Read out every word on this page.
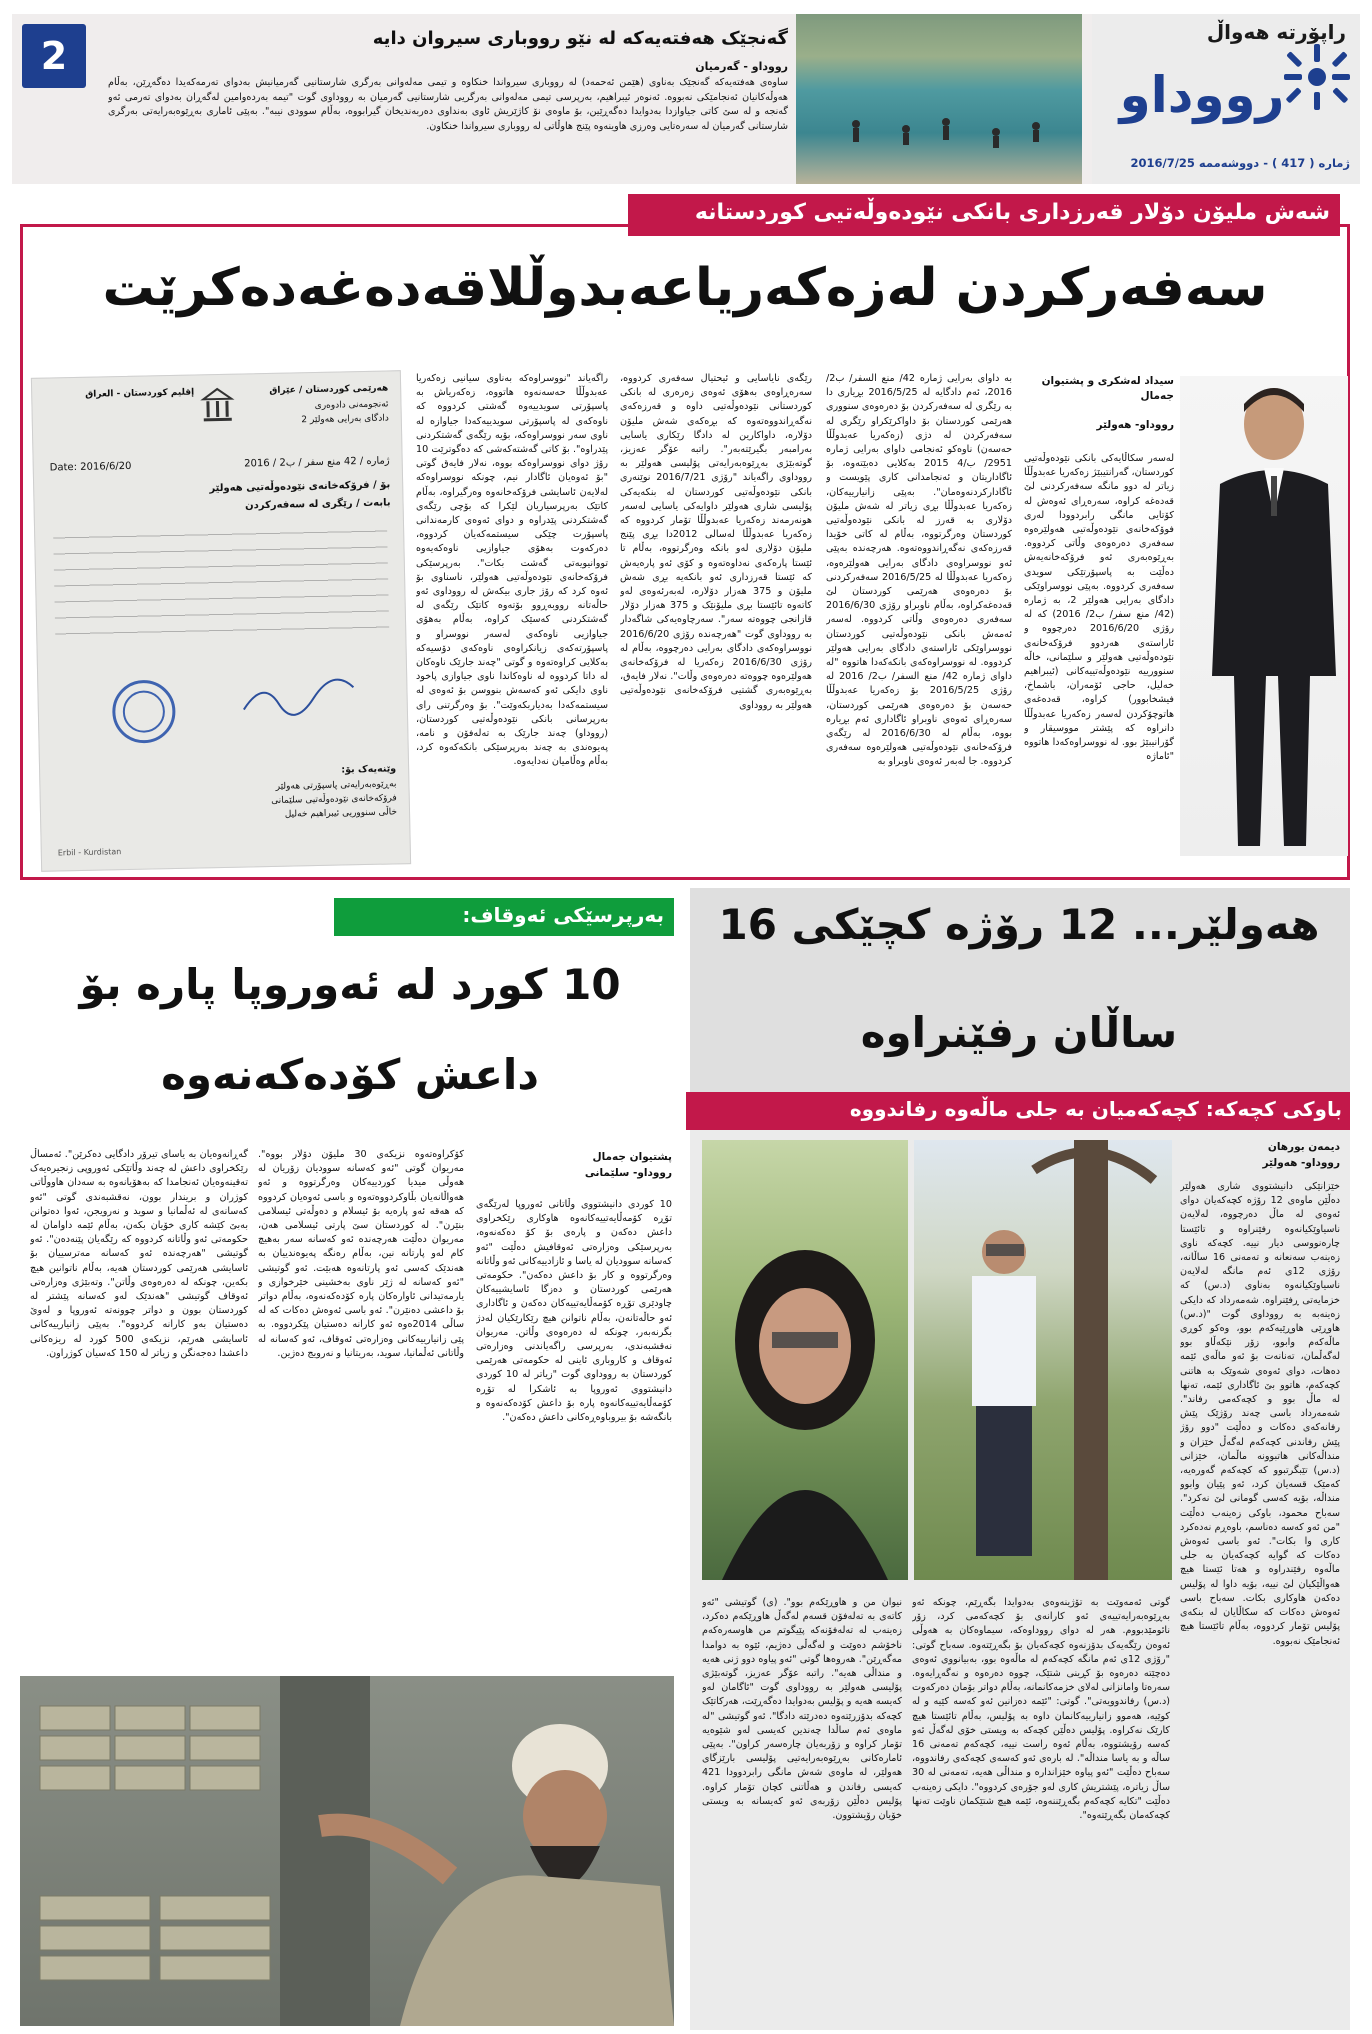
راپۆرتە هەواڵ
رووداو
ژمارە ( 417 ) - دووشەممە 2016/7/25
گەنجێک هەفتەیەکە لە نێو رووباری سیروان دایە
رووداو - گەرمیان
ساوەی هەفتەیەکە گەنجێک بەناوی (هێمن ئەحمەد) لە رووباری سیرواندا خنکاوە و تیمی مەلەوانی بەرگری شارستانیی گەرمیانیش بەدوای تەرمەکەیدا دەگەڕێن، بەڵام هەوڵەکانیان ئەنجامێکی نەبووە. ئەنوەر ئیبراهیم، بەرپرسی تیمی مەلەوانی بەرگریی شارستانیی گەرمیان به رووداوی گوت "تیمە بەردەوامین لەگەڕان بەدوای تەرمی ئەو گەنجە و لە سێ کاتی جیاوازدا بەدوایدا دەگەڕێین، بۆ ماوەی نۆ کاژێریش ئاوی بەنداوی دەربەندیخان گیرابووە، بەڵام سوودی نیبە". بەپێی ئاماری بەڕێوەبەرایەتی بەرگری شارستانی گەرمیان لە سەرەتایی وەرزی هاوینەوە پێنج هاوڵاتی لە رووباری سیرواندا خنکاون.
2
شەش ملیۆن دۆلار قەرزداری بانکی نێودەوڵەتیی کوردستانە
سەفەرکردن لەزەکەریاعەبدوڵلاقەدەغەدەکرێت
سیداد لەشکری و پشتیوان جەمال
رووداو- هەولێر
لەسەر سکاڵایەکی بانکی نێودەوڵەتیی کوردستان، گەرانتیبێژ زەکەریا عەبدوڵڵا زیاتر لە دوو مانگە سەفەرکردنی لێ قەدەغە کراوە، سەرەڕای ئەوەش لە کۆتایی مانگی رابردوودا لەری فوۆکەخانەی نێودەوڵەتیی هەولێرەوە سەفەری دەرەوەی وڵاتی کردووە. بەڕێوەبەری ئەو فرۆکەخانەیەش دەڵێت بە پاسپۆرتێکی سویدی سەفەری کردووە. بەپێی نووسراوێکی دادگای بەرایی هەولێر 2، بە ژمارە (42/ منع سفر/ ب2/ 2016) کە لە رۆژی 2016/6/20 دەرچووە و ئاراستەی هەردوو فرۆکەخانەی نێودەوڵەتیی هەولێر و سلێمانی، خاڵە سنوورییە نێودەوڵەتییەکانی (ئیبراهیم خەلیل، حاجی ئۆمەران، باشماخ، فیشخابوور) کراوە، قەدەغەی هاتوچۆکردن لەسەر زەکەریا عەبدوڵڵا دانراوە کە پێشتر مووسیقار و گۆرانیبێژ بوو. لە نووسراوەکەدا هاتووە "ئاماژە
بە داوای بەرایی ژمارە 42/ منع السفر/ ب2/ 2016، ئەم دادگایە لە 2016/5/25 بڕیاری دا بە رێگری لە سەفەرکردن بۆ دەرەوەی سنووری هەرێمی کوردستان بۆ داواکرێکراو رێگری لە سەفەرکردن لە دژی (زەکەریا عەبدوڵڵا حەسەن) ناوەکو ئەنجامی داوای بەرایی ژمارە 2951/ ب/4 2015 بەکلایی دەبێتەوە، بۆ ئاگاداریتان و ئەنجامدانی کاری پێویست و ئاگادارکردنەوەمان". بەپێی زانیارییەکان، زەکەریا عەبدوڵڵا بڕی زیاتر لە شەش ملیۆن دۆلاری بە قەرز لە بانکی نێودەوڵەتیی کوردستان وەرگرتووە، بەڵام لە کاتی خۆیدا قەرزەکەی نەگەڕاندووەتەوە. هەرچەندە بەپێی ئەو نووسراوەی دادگای بەرایی هەولێرەوە، زەکەریا عەبدوڵڵا لە 2016/5/25 سەفەرکردنی بۆ دەرەوەی هەرێمی کوردستان لێ قەدەغەکراوە، بەڵام ناوبراو رۆژی 2016/6/30 سەفەری دەرەوەی وڵاتی کردووە. لەسەر ئەمەش بانکی نێودەوڵەتیی کوردستان نووسراوێکی ئاراستەی دادگای بەرایی هەولێر کردووە. لە نووسراوەکەی بانکەکەدا هاتووە "لە داوای ژمارە 42/ منع السفر/ ب2/ 2016 لە رۆژی 2016/5/25 بۆ زەکەریا عەبدوڵڵا حەسەن بۆ دەرەوەی هەرێمی کوردستان، سەرەڕای ئەوەی ناوبراو ئاگاداری ئەم بڕیارە بووە، بەڵام لە 2016/6/30 لە رێگەی فرۆکەخانەی نێودەوڵەتیی هەولێرەوە سەفەری کردووە. جا لەبەر ئەوەی ناوبراو بە
رێگەی نایاسایی و ئیحتیال سەفەری کردووە، سەرەڕاوەی بەهۆی ئەوەی زەرەری لە بانکی کوردستانی نێودەوڵەتیی داوە و قەرزەکەی نەگەڕاندووەتەوە کە بڕەکەی شەش ملیۆن دۆلارە، داواکارین لە دادگا رێکاری یاسایی بەرامبەر بگیرێتەبەر". راتبە عۆگر عەزیز، گوتەبێژی بەڕێوەبەرایەتی پۆلیسی هەولێر بە رووداوی راگەیاند "رۆژی 2016/7/21 نوێنەری بانکی نێودەوڵەتیی کوردستان لە بنکەیەکی پۆلیسی شاری هەولێر داوایەکی یاسایی لەسەر هونەرمەند زەکەریا عەبدوڵڵا تۆمار کردووە کە زەکەریا عەبدوڵڵا لەسالی 2012دا بڕی پێنج ملیۆن دۆلاری لەو بانکە وەرگرتووە، بەڵام تا ئێستا پارەکەی نەداوەتەوە و کۆی ئەو پارەیەش کە ئێستا قەرزداری ئەو بانکەیە بڕی شەش ملیۆن و 375 هەزار دۆلارە، لەبەرئەوەی لەو کاتەوە تائێستا بڕی ملیۆنێک و 375 هەزار دۆلار قازانجی چووەتە سەر". سەرچاوەیەکی شاگەدار بە رووداوی گوت "هەرچەندە رۆژی 2016/6/20 نووسراوەکەی دادگای بەرایی دەرچووە، بەڵام لە رۆژی 2016/6/30 زەکەریا لە فرۆکەخانەی هەولێرەوە چووەتە دەرەوەی وڵات". نەلار فایەق، بەڕێوەبەری گشتیی فرۆکەخانەی نێودەوڵەتیی هەولێر بە رووداوی
راگەیاند "نووسراوەکە بەناوی سیانیی زەکەریا عەبدوڵڵا حەسەنەوە هاتووە، زەکەریاش بە پاسپۆرتی سویدییەوە گەشتی کردووە کە ناوەکەی لە پاسپۆرتی سویدییەکەدا جیاوازە لە ناوی سەر نووسراوەکە، بۆیە رێگەی گەشتکردنی پێدراوە". بۆ کاتی گەشتەکەشی کە دەگوترێت 10 رۆژ دوای نووسراوەکە بووە، نەلار فایەق گوتی "بۆ ئەوەیان ئاگادار نیم، چونکە نووسراوەکە لەلایەن ئاسایشی فرۆکەخانەوە وەرگیراوە، بەڵام کاتێک بەرپرسیاریان لێکرا کە بۆچی رێگەی گەشتکردنی پێدراوە و دوای ئەوەی کارمەندانی پاسپۆرت چێکی سیستمەکەیان کردووە، دەرکەوت بەهۆی جیاوازیی ناوەکەیەوە تووانیویەتی گەشت بکات". بەرپرسێکی فرۆکەخانەی نێودەوڵەتیی هەولێر، ناسناوی بۆ ئەوە کرد کە رۆژ جاری بیکەش لە رووداوی ئەو حاڵەتانە رووبەڕوو بۆتەوە کاتێک رێگەی لە گەشتکردنی کەسێک کراوە، بەڵام بەهۆی جیاوازیی ناوەکەی لەسەر نووسراو و پاسپۆرتەکەی زیانکراوەی ناوەکەی دۆسیەکە بەکلایی کراوەتەوە و گوتی "چەند جارێک ناوەکان لە داتا کردووە لە ناوەکاندا ناوی جیاوازی پاخود ناوی دایکی ئەو کەسەش بنووسن بۆ ئەوەی لە سیستمەکەدا بەدیاربکەوێت". بۆ وەرگرتنی رای بەرپرسانی بانکی نێودەوڵەتیی کوردستان، (رووداو) چەند جارێک بە تەلەفۆن و نامە، پەیوەندی بە چەند بەرپرسێکی بانکەکەوە کرد، بەڵام وەڵامیان نەدایەوە.
هەرێمی کوردستان / عێراق
إقليم كوردستان - العراق
ئەنجومەنی دادوەری
دادگای بەرایی هەولێر 2
ژمارە / 42 منع سفر / ب2 / 2016
Date: 2016/6/20
بۆ / فرۆکەخانەی نێودەوڵەتیی هەولێر
بابەت / رێگری لە سەفەرکردن
وێنەیەک بۆ:
بەڕێوەبەرایەتی پاسپۆرتی هەولێر
فرۆکەخانەی نێودەوڵەتیی سلێمانی
خاڵی سنووریی ئیبراهیم خەلیل
Erbil - Kurdistan
هەولێر... 12 رۆژە کچێکی 16
ساڵان رفێنراوە
باوکی کچەکە: کچەکەمیان بە جلی ماڵەوە رفاندووە
دیمەن بورهان
رووداو- هەولێر
خێزانێکی دانیشتووی شاری هەولێر دەڵێن ماوەی 12 رۆژە کچەکەیان دوای ئەوەی لە ماڵ دەرچووە، لەلایەن ناسیاوێکیانەوە رفێنراوە و تائێستا چارەنووسی دیار نییە. کچەکە ناوی زەینەب سەنعانە و تەمەنی 16 ساڵانە، رۆژی 12ی ئەم مانگە لەلایەن ناسیاوێکیانەوە بەناوی (د.س) کە خزمایەتی ڕفێنراوە. شەمەرداد کە دایکی زەینەبە بە رووداوی گوت "(د.س) هاوڕێی هاوڕێیەکەم بوو، وەکو کوڕی ماڵەکەم وابوو، زۆر نێکەڵاو بوو لەگەڵمان، تەنانەت بۆ ئەو ماڵەی ئێمە دەهات، دوای ئەوەی شەوێک بە هاتنی کچەکەم، هاتوو بێ ئاگاداری ئێمە، تەنها لە ماڵ بوو و کچەکەمی رفاند". شەمەرداد باسی چەند رۆژێک پێش رفانەکەی دەکات و دەڵێت "دوو رۆژ پێش رفاندنی کچەکەم لەگەڵ خێزان و منداڵەکانی هاتبوونە ماڵمان، خێزانی (د.س) تێبگرتبوو کە کچەکەم گەورەیە، کەمێک قسەیان کرد، ئەو پێیان وابوو منداڵە، بۆیە کەسی گومانی لێ نەکرد". سەباح محمود، باوکی زەینەب دەڵێت "من ئەو کەسە دەناسم، باوەڕم نەدەکرد کاری وا بکات". ئەو باسی ئەوەش دەکات کە گوایە کچەکەیان بە جلی ماڵەوە رفێندراوە و هەتا ئێستا هیچ هەواڵێکیان لێ نییە، بۆیە داوا لە پۆلیس دەکەن هاوکاری بکات. سەباح باسی ئەوەش دەکات کە سکاڵایان لە بنکەی پۆلیس تۆمار کردووە، بەڵام تائێستا هیچ ئەنجامێک نەبووە.
گوتی ئەمەوێت بە تۆژینەوەی بەدوایدا بگەڕێم، چونکە ئەو بەڕێوەبەرایەتییەی ئەو کارانەی بۆ کچەکەمی کرد، زۆر نائومێدبووم. هەر لە دوای رووداوەکە، سیماوەکان بە هەوڵی ئەوەن رێگەیەک بدۆزنەوە کچەکەیان بۆ بگەڕێتەوە. سەباح گوتی: "رۆژی 12ی ئەم مانگە کچەکەم لە ماڵەوە بوو، بەبیانووی ئەوەی دەچێتە دەرەوە بۆ کڕینی شتێک، چووە دەرەوە و نەگەڕایەوە. سەرەتا وامانزانی لەلای خزمەکانمانە، بەڵام دواتر بۆمان دەرکەوت (د.س) رفاندوویەتی". گوتی: "ئێمە دەزانین ئەو کەسە کێیە و لە کوێیە، هەموو زانیارییەکانمان داوە بە پۆلیس، بەڵام تائێستا هیچ کارێک نەکراوە. پۆلیس دەڵێن کچەکە بە ویستی خۆی لەگەڵ ئەو کەسە رۆیشتووە، بەڵام ئەوە راست نییە، کچەکەم تەمەنی 16 ساڵە و بە یاسا منداڵە". لە بارەی ئەو کەسەی کچەکەی رفاندووە، سەباح دەڵێت "ئەو پیاوە خێزاندارە و منداڵی هەیە، تەمەنی لە 30 ساڵ زیاترە، پێشتریش کاری لەو جۆرەی کردووە". دایکی زەینەب دەڵێت "تکایە کچەکەم بگەڕێننەوە، ئێمە هیچ شتێکمان ناوێت تەنها کچەکەمان بگەڕێتەوە".
نیوان من و هاوڕێکەم بوو". (ی) گوتیشی "ئەو کاتەی بە تەلەفۆن قسەم لەگەڵ هاوڕێکەم دەکرد، زەینەب لە تەلەفۆنەکە پێیگوتم من هاوسەرەکەم ناخۆشم دەوێت و لەگەڵی دەژیم، ئێوە بە دوامدا مەگەڕێن". هەروەها گوتی "ئەو پیاوە دوو ژنی هەیە و منداڵی هەیە". راتبە عۆگر عەزیز، گوتەبێژی پۆلیسی هەولێر بە رووداوی گوت "ئاگامان لەو کەیسە هەیە و پۆلیس بەدوایدا دەگەڕێت، هەرکاتێک کچەکە بدۆزرێتەوە دەدرێتە دادگا". ئەو گوتیشی "لە ماوەی ئەم ساڵدا چەندین کەیسی لەو شێوەیە تۆمار کراوە و زۆربەیان چارەسەر کراون". بەپێی ئامارەکانی بەڕێوەبەرایەتیی پۆلیسی بارێزگای هەولێر، لە ماوەی شەش مانگی رابردوودا 421 کەیسی رفاندن و هەڵاتنی کچان تۆمار کراوە. پۆلیس دەڵێن زۆربەی ئەو کەیسانە بە ویستی خۆیان رۆیشتوون.
بەرپرسێکی ئەوقاف:
10 کورد لە ئەوروپا پارە بۆ
داعش کۆدەکەنەوە
پشتیوان جەمال
رووداو- سلێمانی
10 کوردی دانیشتووی وڵاتانی ئەوروپا لەرێگەی تۆڕە کۆمەڵایەتییەکانەوە هاوکاری رێکخراوی داعش دەکەن و پارەی بۆ کۆ دەکەنەوە، بەرپرسێکی وەزارەتی ئەوقافیش دەڵێت "ئەو کەسانە سووديان لە یاسا و ئازادییەکانی ئەو وڵاتانە وەرگرتووە و کار بۆ داعش دەکەن". حکومەتی هەرێمی کوردستان و دەزگا ئاسایشییەکان چاودێری تۆڕە کۆمەڵایەتییەکان دەکەن و ئاگاداری ئەو حاڵەتانەن، بەڵام ناتوانن هیچ رێکارێکیان لەدژ بگرنەبەر، چونکە لە دەرەوەی وڵاتن. مەریوان نەقشبەندی، بەرپرسی راگەیاندنی وەزارەتی ئەوقاف و کاروباری ئاینی لە حکومەتی هەرێمی کوردستان بە رووداوی گوت "زیاتر لە 10 کوردی دانیشتووی ئەوروپا بە ئاشکرا لە تۆڕە کۆمەڵایەتییەکانەوە پارە بۆ داعش کۆدەکەنەوە و بانگەشە بۆ بیروباوەڕەکانی داعش دەکەن".
کۆکراوەتەوە نزیکەی 30 ملیۆن دۆلار بووە". مەریوان گوتی "ئەو کەسانە سووديان زۆریان لە هەوڵی میدیا کوردییەکان وەرگرتووە و ئەو هەواڵانەیان بڵاوکردووەتەوە و باسی ئەوەیان کردووە کە هەقە ئەو پارەیە بۆ ئیسلام و دەوڵەتی ئیسلامی بنێرن". لە کوردستان سێ پارتی ئیسلامی هەن، مەریوان دەڵێت هەرچەندە ئەو کەسانە سەر بەهیچ کام لەو پارتانە نین، بەڵام رەنگە پەیوەندییان بە هەندێک کەسی ئەو پارتانەوە هەبێت. ئەو گوتیشی "ئەو کەسانە لە ژێر ناوی بەخشینی خێرخوازی و یارمەتیدانی ئاوارەکان پارە کۆدەکەنەوە، بەڵام دواتر بۆ داعشی دەنێرن". ئەو باسی ئەوەش دەکات کە لە ساڵی 2014ەوە ئەو کارانە دەستیان پێکردووە. بە پێی زانیارییەکانی وەزارەتی ئەوقاف، ئەو کەسانە لە وڵاتانی ئەڵمانیا، سوید، بەریتانیا و نەرویج دەژین.
گەڕانەوەیان بە یاسای تیرۆر دادگایی دەکرێن". ئەمساڵ رێکخراوی داعش لە چەند وڵاتێکی ئەوروپی زنجیرەیەک تەقینەوەیان ئەنجامدا کە بەهۆیانەوە بە سەدان هاووڵاتی کوژران و بریندار بوون، نەقشبەندی گوتی "ئەو کەسانەی لە ئەڵمانیا و سوید و نەرویجن، ئەوا دەتوانن بەبێ کێشە کاری خۆیان بکەن، بەڵام ئێمە داوامان لە حکومەتی ئەو وڵاتانە کردووە کە رێگەیان پێنەدەن". ئەو گوتیشی "هەرچەندە ئەو کەسانە مەترسییان بۆ ئاسایشی هەرێمی کوردستان هەیە، بەڵام ناتوانین هیچ بکەین، چونکە لە دەرەوەی وڵاتن". وتەبێژی وەزارەتی ئەوقاف گوتیشی "هەندێک لەو کەسانە پێشتر لە کوردستان بوون و دواتر چوونەتە ئەوروپا و لەوێ دەستیان بەو کارانە کردووە". بەپێی زانیارییەکانی ئاسایشی هەرێم، نزیکەی 500 کورد لە ریزەکانی داعشدا دەجەنگن و زیاتر لە 150 کەسیان کوژراون.
